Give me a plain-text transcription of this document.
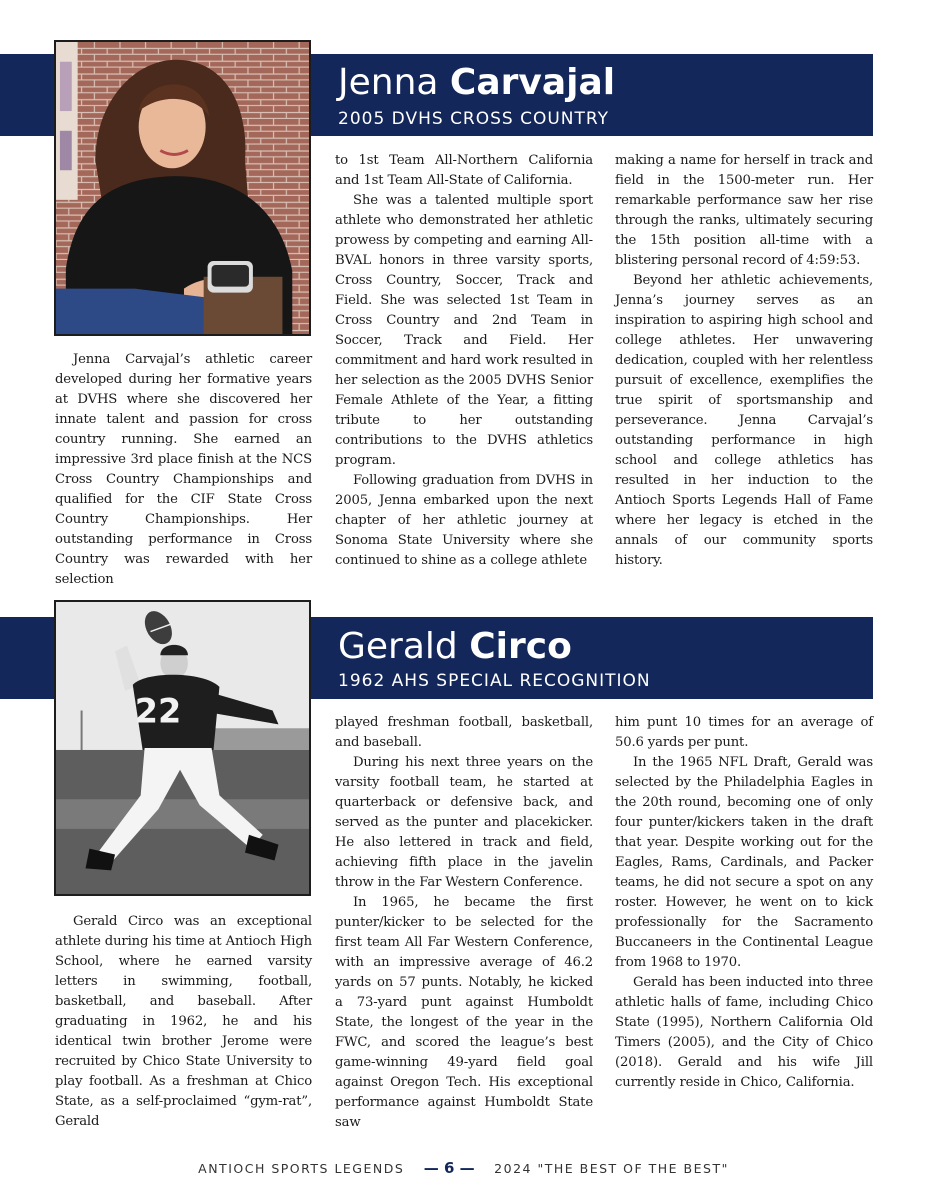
Jenna Carvajal
2005 DVHS CROSS COUNTRY

Jenna Carvajal’s athletic career developed during her formative years at DVHS where she discovered her innate talent and passion for cross country running. She earned an impressive 3rd place finish at the NCS Cross Country Championships and qualified for the CIF State Cross Country Championships. Her outstanding performance in Cross Country was rewarded with her selection

to 1st Team All-Northern California and 1st Team All-State of California.

She was a talented multiple sport athlete who demonstrated her athletic prowess by competing and earning All-BVAL honors in three varsity sports, Cross Country, Soccer, Track and Field. She was selected 1st Team in Cross Country and 2nd Team in Soccer, Track and Field. Her commitment and hard work resulted in her selection as the 2005 DVHS Senior Female Athlete of the Year, a fitting tribute to her outstanding contributions to the DVHS athletics program.

Following graduation from DVHS in 2005, Jenna embarked upon the next chapter of her athletic journey at Sonoma State University where she continued to shine as a college athlete

making a name for herself in track and field in the 1500-meter run. Her remarkable performance saw her rise through the ranks, ultimately securing the 15th position all-time with a blistering personal record of 4:59:53.

Beyond her athletic achievements, Jenna’s journey serves as an inspiration to aspiring high school and college athletes. Her unwavering dedication, coupled with her relentless pursuit of excellence, exemplifies the true spirit of sportsmanship and perseverance. Jenna Carvajal’s outstanding performance in high school and college athletics has resulted in her induction to the Antioch Sports Legends Hall of Fame where her legacy is etched in the annals of our community sports history.

Gerald Circo
1962 AHS SPECIAL RECOGNITION
22

Gerald Circo was an exceptional athlete during his time at Antioch High School, where he earned varsity letters in swimming, football, basketball, and baseball. After graduating in 1962, he and his identical twin brother Jerome were recruited by Chico State University to play football. As a freshman at Chico State, as a self-proclaimed “gym-rat”, Gerald

played freshman football, basketball, and baseball.

During his next three years on the varsity football team, he started at quarterback or defensive back, and served as the punter and placekicker. He also lettered in track and field, achieving fifth place in the javelin throw in the Far Western Conference.

In 1965, he became the first punter/kicker to be selected for the first team All Far Western Conference, with an impressive average of 46.2 yards on 57 punts. Notably, he kicked a 73-yard punt against Humboldt State, the longest of the year in the FWC, and scored the league’s best game-winning 49-yard field goal against Oregon Tech. His exceptional performance against Humboldt State saw

him punt 10 times for an average of 50.6 yards per punt.

In the 1965 NFL Draft, Gerald was selected by the Philadelphia Eagles in the 20th round, becoming one of only four punter/kickers taken in the draft that year. Despite working out for the Eagles, Rams, Cardinals, and Packer teams, he did not secure a spot on any roster. However, he went on to kick professionally for the Sacramento Buccaneers in the Continental League from 1968 to 1970.

Gerald has been inducted into three athletic halls of fame, including Chico State (1995), Northern California Old Timers (2005), and the City of Chico (2018). Gerald and his wife Jill currently reside in Chico, California.

ANTIOCH SPORTS LEGENDS — 6 — 2024 "THE BEST OF THE BEST"
